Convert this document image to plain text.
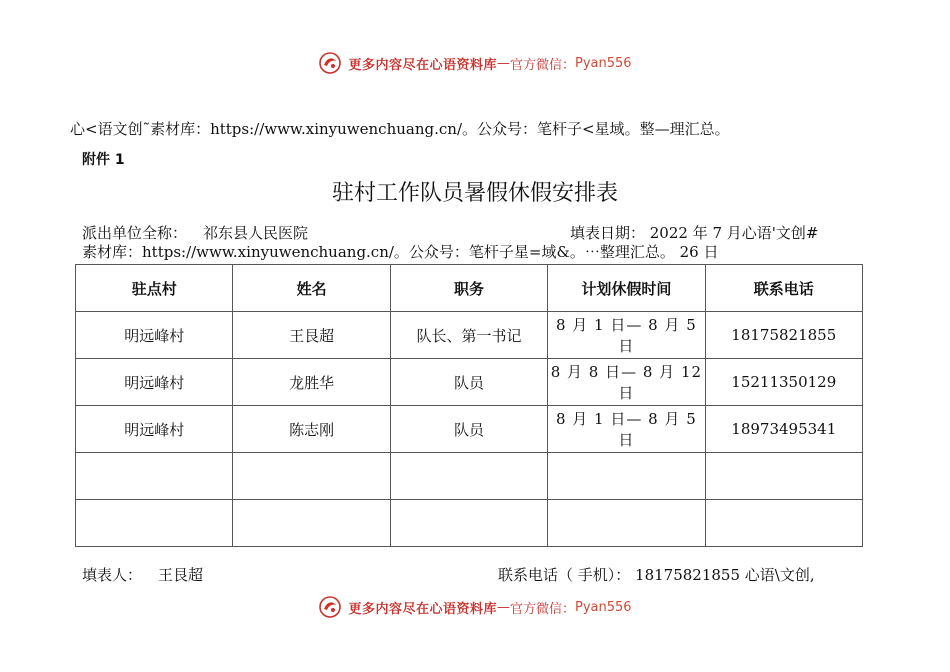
更多内容尽在心语资料库 — 官方微信： Pyan556
心<语文创˜素材库：https://www.xinyuwenchuang.cn/。公众号：笔杆子<星域。整—理汇总。
附件 1
驻村工作队员暑假休假安排表
派出单位全称： 祁东县人民医院	填表日期： 2022 年 7 月心语'文创#
素材库：https://www.xinyuwenchuang.cn/。公众号：笔杆子星=域&。⋯整理汇总。 26 日
驻点村	姓名	职务	计划休假时间	联系电话
明远峰村	王艮超	队长、第一书记	8 月 1 日— 8 月 5 日	18175821855
明远峰村	龙胜华	队员	8 月 8 日— 8 月 12 日	15211350129
明远峰村	陈志刚	队员	8 月 1 日— 8 月 5 日	18973495341

填表人： 王艮超	联系电话（ 手机）： 18175821855 心语\文创,
更多内容尽在心语资料库 — 官方微信： Pyan556
